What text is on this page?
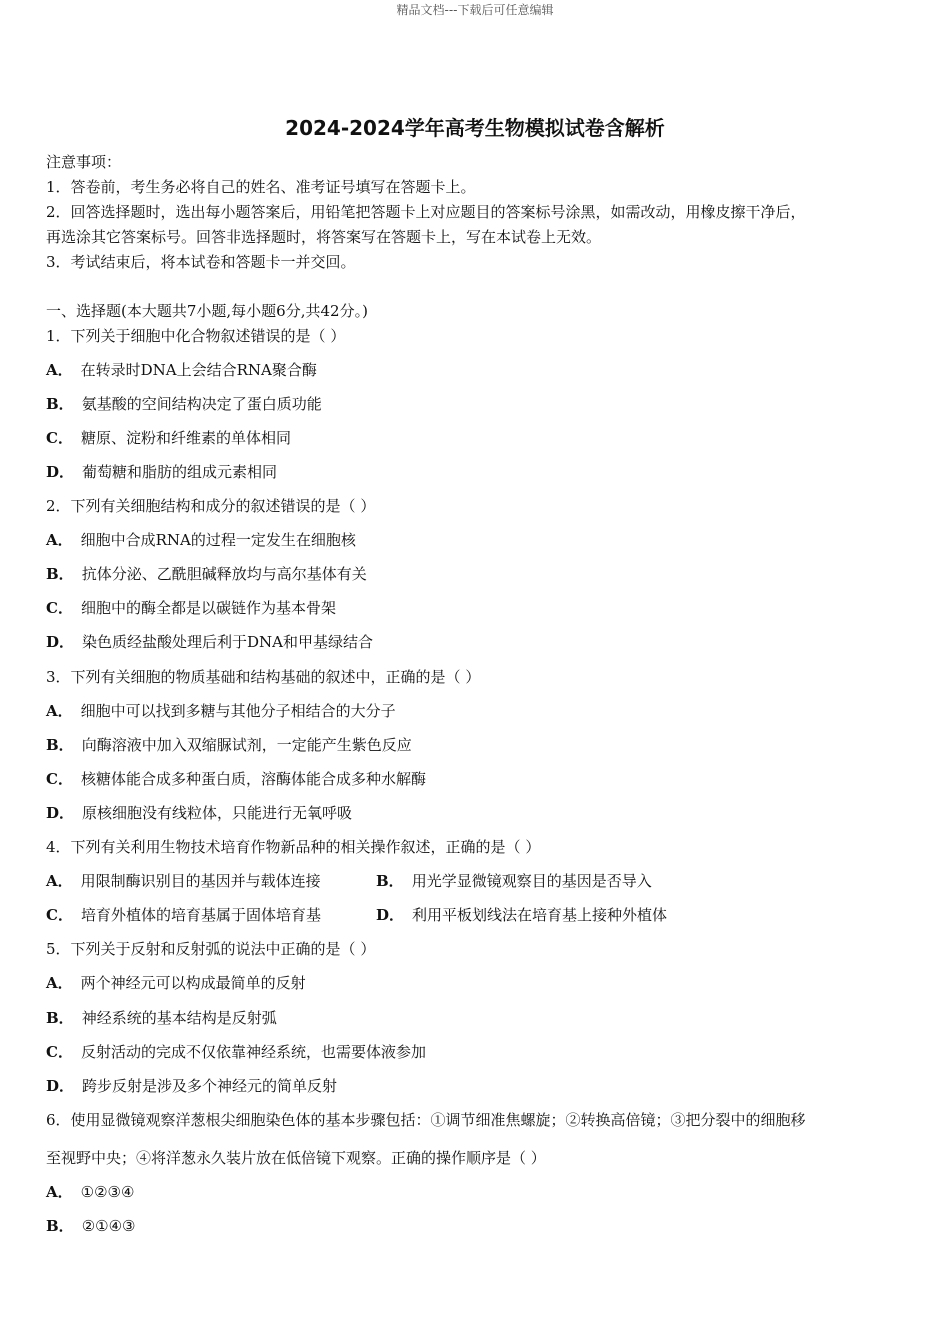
精品文档---下载后可任意编辑
2024-2024学年高考生物模拟试卷含解析
注意事项：
1．答卷前，考生务必将自己的姓名、准考证号填写在答题卡上。
2．回答选择题时，选出每小题答案后，用铅笔把答题卡上对应题目的答案标号涂黑，如需改动，用橡皮擦干净后，
再选涂其它答案标号。回答非选择题时，将答案写在答题卡上，写在本试卷上无效。
3．考试结束后，将本试卷和答题卡一并交回。
一、选择题(本大题共7小题,每小题6分,共42分。)
1．下列关于细胞中化合物叙述错误的是（ ）
A． 在转录时DNA上会结合RNA聚合酶
B． 氨基酸的空间结构决定了蛋白质功能
C． 糖原、淀粉和纤维素的单体相同
D． 葡萄糖和脂肪的组成元素相同
2．下列有关细胞结构和成分的叙述错误的是（ ）
A． 细胞中合成RNA的过程一定发生在细胞核
B． 抗体分泌、乙酰胆碱释放均与高尔基体有关
C． 细胞中的酶全都是以碳链作为基本骨架
D． 染色质经盐酸处理后利于DNA和甲基绿结合
3．下列有关细胞的物质基础和结构基础的叙述中，正确的是（ ）
A． 细胞中可以找到多糖与其他分子相结合的大分子
B． 向酶溶液中加入双缩脲试剂，一定能产生紫色反应
C． 核糖体能合成多种蛋白质，溶酶体能合成多种水解酶
D． 原核细胞没有线粒体，只能进行无氧呼吸
4．下列有关利用生物技术培育作物新品种的相关操作叙述，正确的是（ ）
A． 用限制酶识别目的基因并与载体连接	B． 用光学显微镜观察目的基因是否导入
C． 培育外植体的培育基属于固体培育基	D． 利用平板划线法在培育基上接种外植体
5．下列关于反射和反射弧的说法中正确的是（ ）
A． 两个神经元可以构成最简单的反射
B． 神经系统的基本结构是反射弧
C． 反射活动的完成不仅依靠神经系统，也需要体液参加
D． 跨步反射是涉及多个神经元的简单反射
6．使用显微镜观察洋葱根尖细胞染色体的基本步骤包括：①调节细准焦螺旋；②转换高倍镜；③把分裂中的细胞移
至视野中央；④将洋葱永久装片放在低倍镜下观察。正确的操作顺序是（ ）
A． ①②③④
B． ②①④③
